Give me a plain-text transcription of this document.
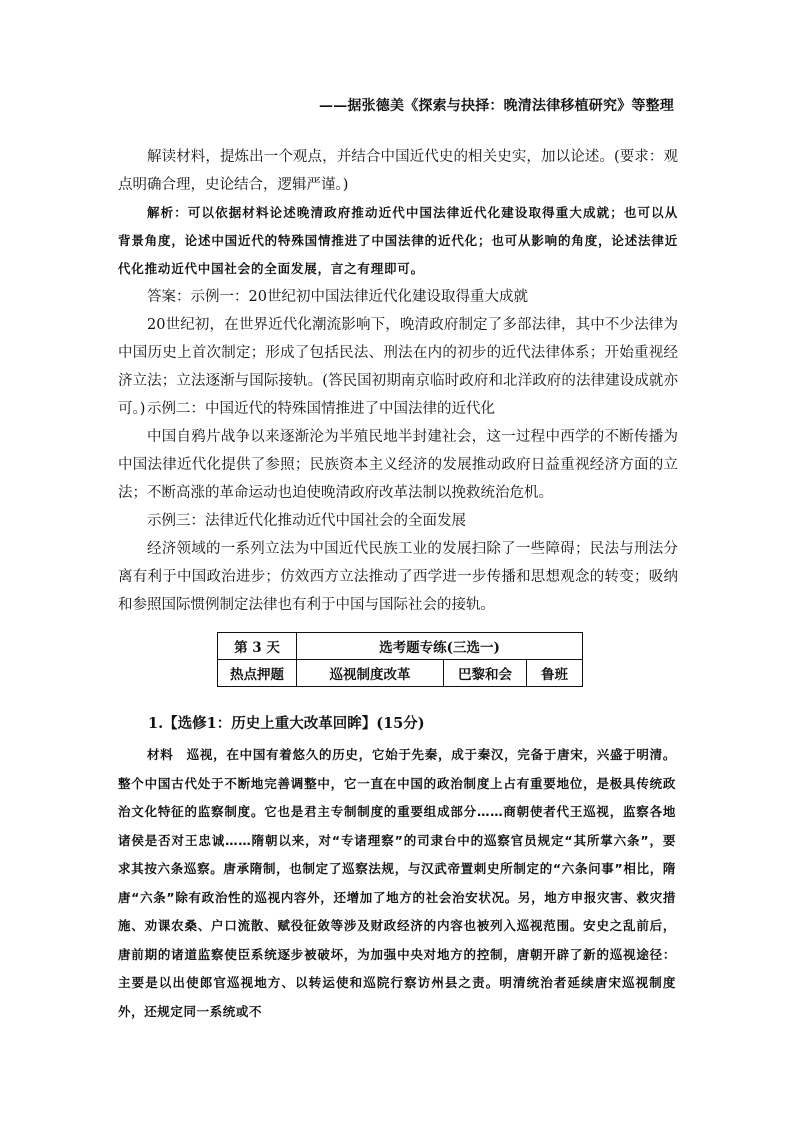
——据张德美《探索与抉择：晚清法律移植研究》等整理
解读材料，提炼出一个观点，并结合中国近代史的相关史实，加以论述。(要求：观点明确合理，史论结合，逻辑严谨。)
解析：可以依据材料论述晚清政府推动近代中国法律近代化建设取得重大成就；也可以从背景角度，论述中国近代的特殊国情推进了中国法律的近代化；也可从影响的角度，论述法律近代化推动近代中国社会的全面发展，言之有理即可。
答案：示例一：20世纪初中国法律近代化建设取得重大成就
20世纪初，在世界近代化潮流影响下，晚清政府制定了多部法律，其中不少法律为中国历史上首次制定；形成了包括民法、刑法在内的初步的近代法律体系；开始重视经济立法；立法逐渐与国际接轨。(答民国初期南京临时政府和北洋政府的法律建设成就亦可。) 示例二：中国近代的特殊国情推进了中国法律的近代化
中国自鸦片战争以来逐渐沦为半殖民地半封建社会，这一过程中西学的不断传播为中国法律近代化提供了参照；民族资本主义经济的发展推动政府日益重视经济方面的立法；不断高涨的革命运动也迫使晚清政府改革法制以挽救统治危机。
示例三：法律近代化推动近代中国社会的全面发展
经济领域的一系列立法为中国近代民族工业的发展扫除了一些障碍；民法与刑法分离有利于中国政治进步；仿效西方立法推动了西学进一步传播和思想观念的转变；吸纳和参照国际惯例制定法律也有利于中国与国际社会的接轨。
第 3 天	选考题专练(三选一)		
热点押题	巡视制度改革	巴黎和会	鲁班
1.【选修1：历史上重大改革回眸】(15分)
材料　巡视，在中国有着悠久的历史，它始于先秦，成于秦汉，完备于唐宋，兴盛于明清。整个中国古代处于不断地完善调整中，它一直在中国的政治制度上占有重要地位，是极具传统政治文化特征的监察制度。它也是君主专制制度的重要组成部分……商朝使者代王巡视，监察各地诸侯是否对王忠诚……隋朝以来，对“专诸理察”的司隶台中的巡察官员规定“其所掌六条”，要求其按六条巡察。唐承隋制，也制定了巡察法规，与汉武帝置刺史所制定的“六条问事”相比，隋唐“六条”除有政治性的巡视内容外，还增加了地方的社会治安状况。另，地方申报灾害、救灾措施、劝课农桑、户口流散、赋役征敛等涉及财政经济的内容也被列入巡视范围。安史之乱前后，唐前期的诸道监察使臣系统逐步被破坏，为加强中央对地方的控制，唐朝开辟了新的巡视途径：主要是以出使郎官巡视地方、以转运使和巡院行察访州县之责。明清统治者延续唐宋巡视制度外，还规定同一系统或不
